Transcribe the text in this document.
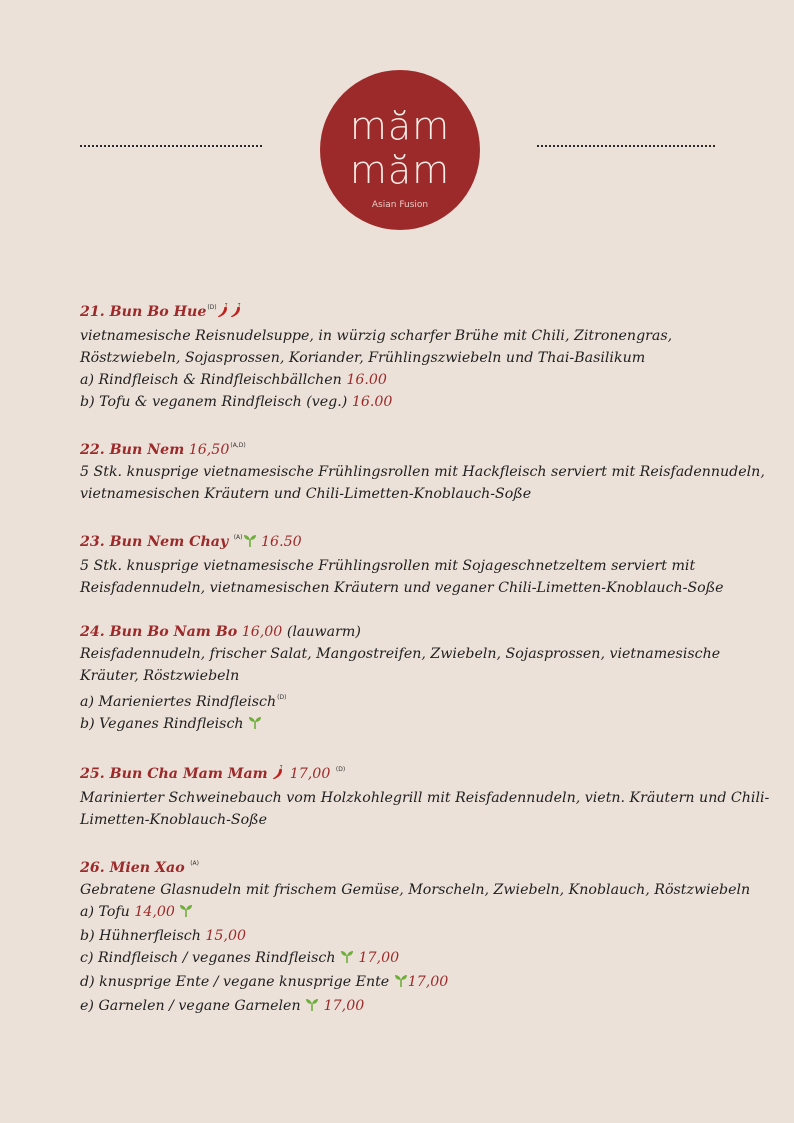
măm
măm
Asian Fusion
21. Bun Bo Hue$^{(D)}$
vietnamesische Reisnudelsuppe, in würzig scharfer Brühe mit Chili, Zitronengras, Röstzwiebeln, Sojasprossen, Koriander, Frühlingszwiebeln und Thai-Basilikum
a) Rindfleisch & Rindfleischbällchen 16.00
b) Tofu & veganem Rindfleisch (veg.) 16.00
22. Bun Nem $16,50^{(A,D)}$
5 Stk. knusprige vietnamesische Frühlingsrollen mit Hackfleisch serviert mit Reisfadennudeln, vietnamesischen Kräutern und Chili-Limetten-Knoblauch-Soße
23. Bun Nem Chay $^{(A)}$ 16.50
5 Stk. knusprige vietnamesische Frühlingsrollen mit Sojageschnetzeltem serviert mit Reisfadennudeln, vietnamesischen Kräutern und veganer Chili-Limetten-Knoblauch-Soße
24. Bun Bo Nam Bo 16,00 (lauwarm)
Reisfadennudeln, frischer Salat, Mangostreifen, Zwiebeln, Sojasprossen, vietnamesische Kräuter, Röstzwiebeln
a) Marieniertes Rindfleisch$^{(D)}$
b) Veganes Rindfleisch
25. Bun Cha Mam Mam 17,00 $^{(D)}$
Marinierter Schweinebauch vom Holzkohlegrill mit Reisfadennudeln, vietn. Kräutern und Chili-Limetten-Knoblauch-Soße
26. Mien Xao $^{(A)}$
Gebratene Glasnudeln mit frischem Gemüse, Morscheln, Zwiebeln, Knoblauch, Röstzwiebeln
a) Tofu 14,00
b) Hühnerfleisch 15,00
c) Rindfleisch / veganes Rindfleisch 17,00
d) knusprige Ente / vegane knusprige Ente 17,00
e) Garnelen / vegane Garnelen 17,00
